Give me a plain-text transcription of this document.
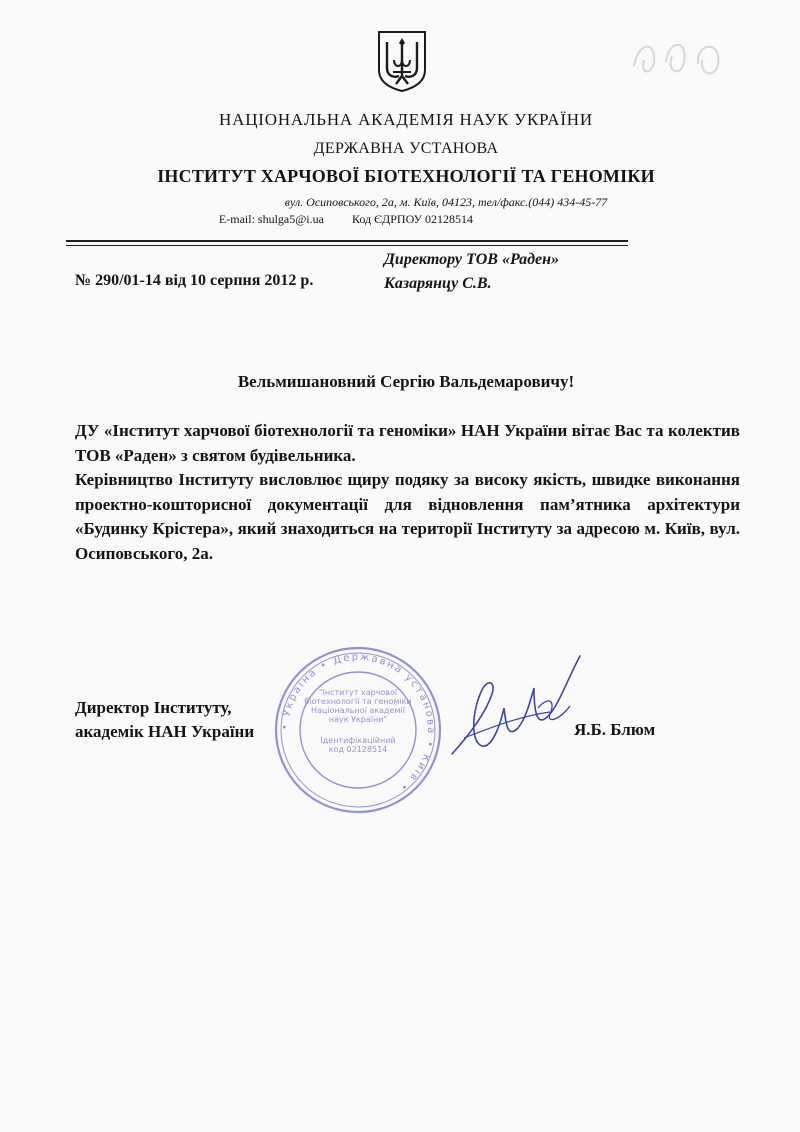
НАЦІОНАЛЬНА АКАДЕМІЯ НАУК УКРАЇНИ
ДЕРЖАВНА УСТАНОВА
ІНСТИТУТ ХАРЧОВОЇ БІОТЕХНОЛОГІЇ ТА ГЕНОМІКИ
вул. Осиповського, 2а, м. Київ, 04123, тел/факс.(044) 434-45-77
E-mail: shulga5@i.ua Код ЄДРПОУ 02128514
Директору ТОВ «Раден»
Казарянцу С.В.
№ 290/01-14 від 10 серпня 2012 р.
Вельмишановний Сергію Вальдемаровичу!

ДУ «Інститут харчової біотехнології та геноміки» НАН України вітає Вас та колектив ТОВ «Раден» з святом будівельника.

Керівництво Інституту висловлює щиру подяку за високу якість, швидке виконання проектно-кошторисної документації для відновлення пам’ятника архітектури «Будинку Крістера», який знаходиться на території Інституту за адресою м. Київ, вул. Осиповського, 2а.

Директор Інституту,
академік НАН України	Я.Б. Блюм
• Україна • Державна установа • Київ •
"Інститут харчової біотехнології та геноміки Національної академії наук України"
Ідентифікаційний
код 02128514
